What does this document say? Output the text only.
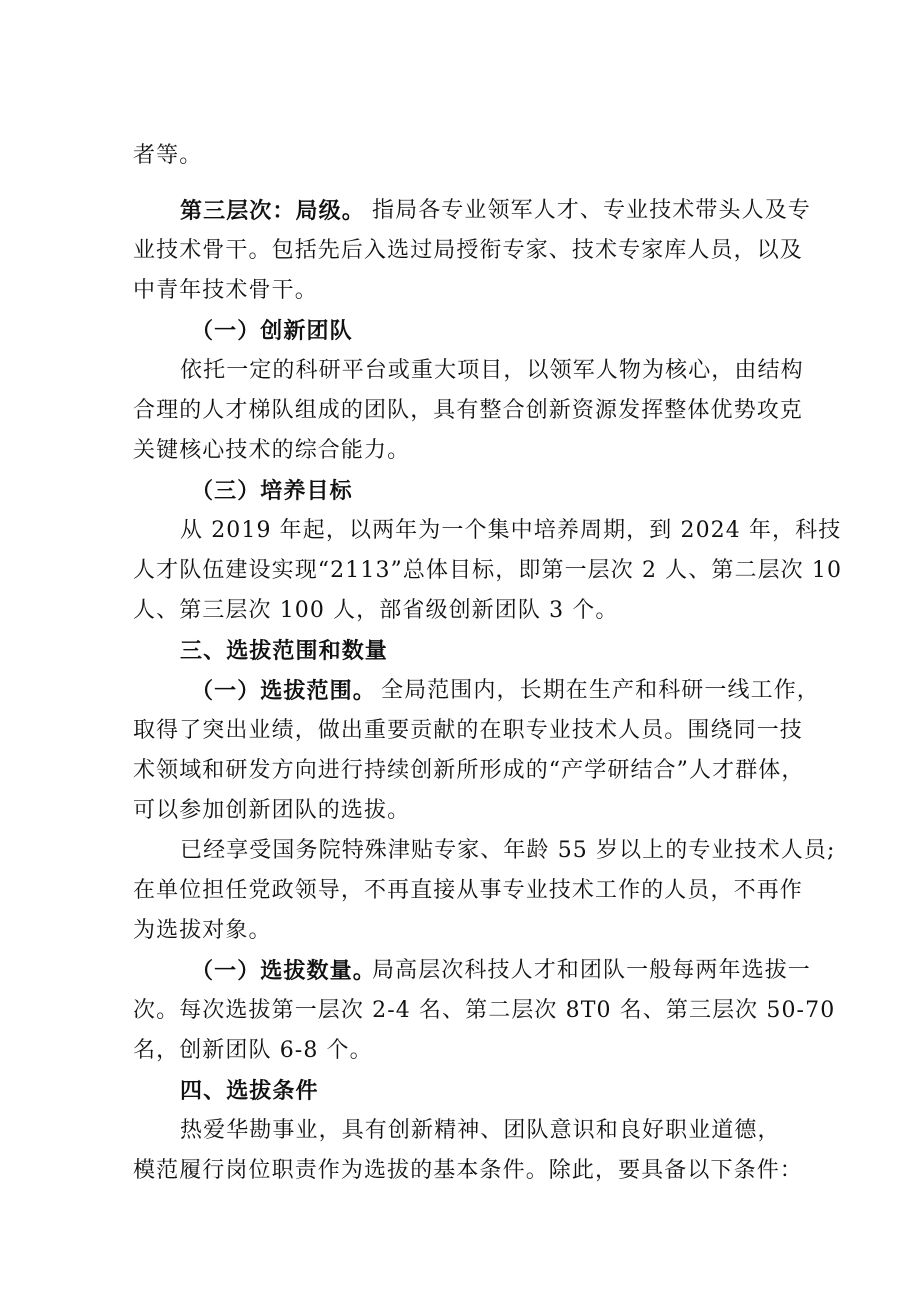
者等。
第三层次：局级。 指局各专业领军人才、专业技术带头人及专
业技术骨干。包括先后入选过局授衔专家、技术专家库人员，以及
中青年技术骨干。
（一）创新团队
依托一定的科研平台或重大项目，以领军人物为核心，由结构
合理的人才梯队组成的团队，具有整合创新资源发挥整体优势攻克
关键核心技术的综合能力。
（三）培养目标
从 2019 年起，以两年为一个集中培养周期，到 2024 年，科技
人才队伍建设实现“2113”总体目标，即第一层次 2 人、第二层次 10
人、第三层次 100 人，部省级创新团队 3 个。
三、选拔范围和数量
（一）选拔范围。 全局范围内，长期在生产和科研一线工作，
取得了突出业绩，做出重要贡献的在职专业技术人员。围绕同一技
术领域和研发方向进行持续创新所形成的“产学研结合”人才群体，
可以参加创新团队的选拔。
已经享受国务院特殊津贴专家、年龄 55 岁以上的专业技术人员;
在单位担任党政领导，不再直接从事专业技术工作的人员，不再作
为选拔对象。
（一）选拔数量。
局高层次科技人才和团队一般每两年选拔一
次。每次选拔第一层次 2-4 名、第二层次 8T0 名、第三层次 50-70
名，创新团队 6-8 个。
四、选拔条件
热爱华勘事业，具有创新精神、团队意识和良好职业道德，
模范履行岗位职责作为选拔的基本条件。除此，要具备以下条件：
